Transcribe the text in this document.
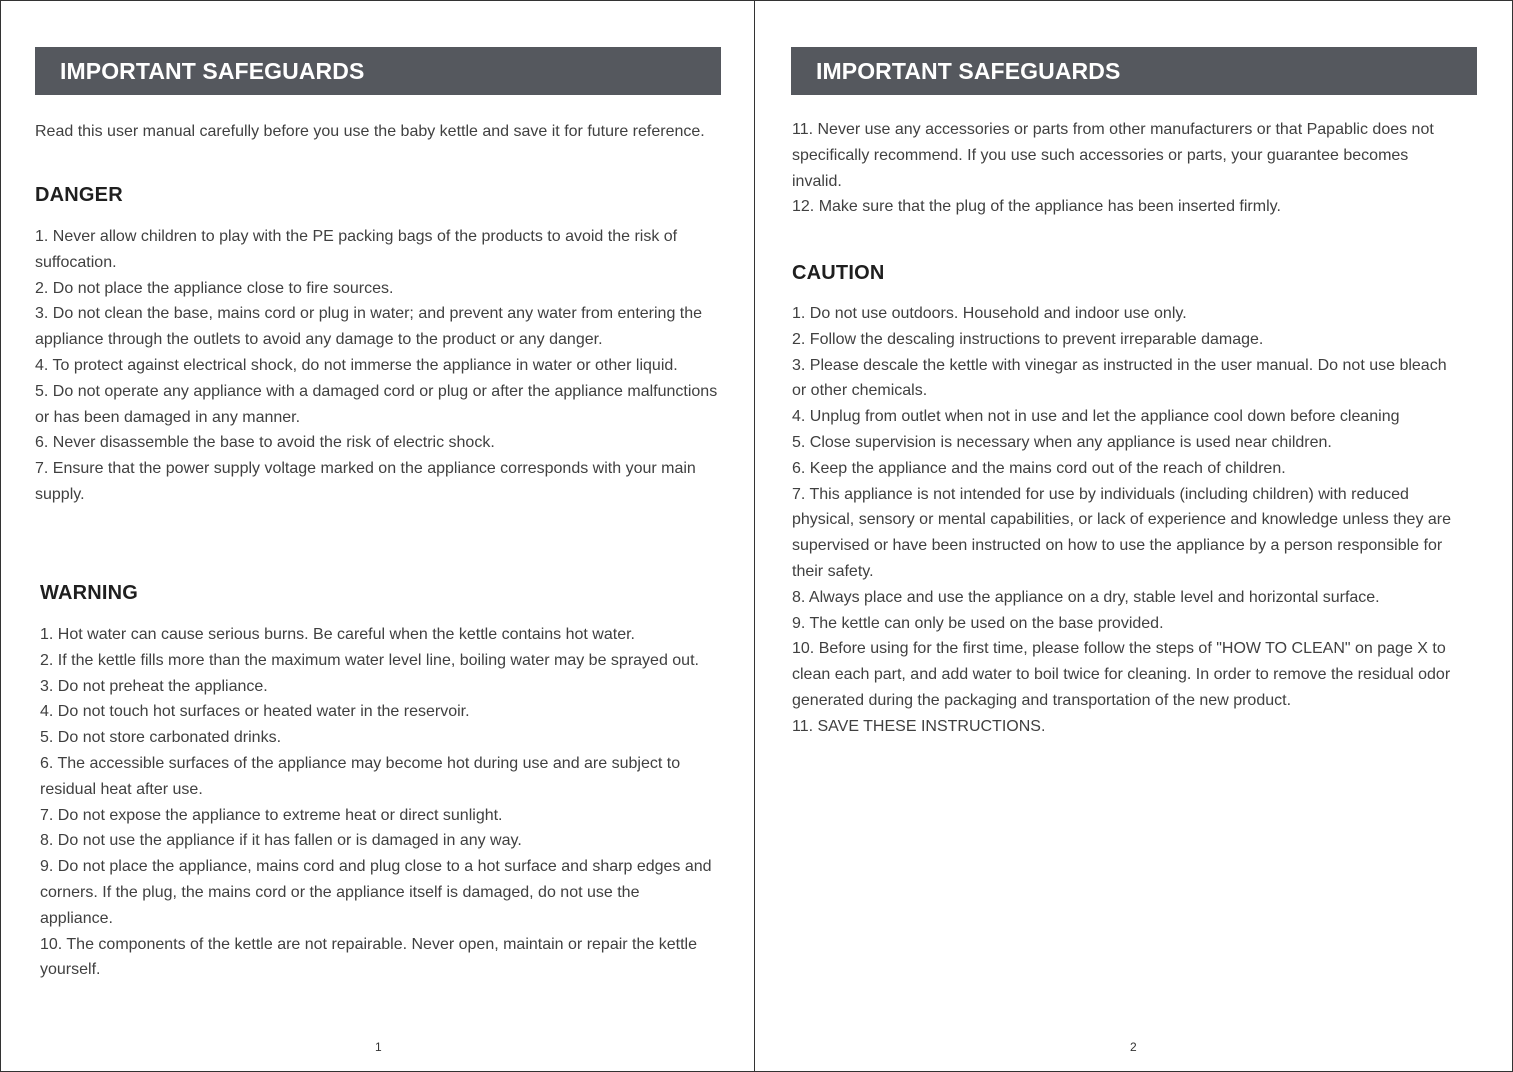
IMPORTANT SAFEGUARDS

Read this user manual carefully before you use the baby kettle and save it for future reference.

DANGER
1. Never allow children to play with the PE packing bags of the products to avoid the risk of suffocation.
2. Do not place the appliance close to fire sources.
3. Do not clean the base, mains cord or plug in water; and prevent any water from entering the appliance through the outlets to avoid any damage to the product or any danger.
4. To protect against electrical shock, do not immerse the appliance in water or other liquid.
5. Do not operate any appliance with a damaged cord or plug or after the appliance malfunctions or has been damaged in any manner.
6. Never disassemble the base to avoid the risk of electric shock.
7. Ensure that the power supply voltage marked on the appliance corresponds with your main supply.
WARNING
1. Hot water can cause serious burns. Be careful when the kettle contains hot water.
2. If the kettle fills more than the maximum water level line, boiling water may be sprayed out.
3. Do not preheat the appliance.
4. Do not touch hot surfaces or heated water in the reservoir.
5. Do not store carbonated drinks.
6. The accessible surfaces of the appliance may become hot during use and are subject to residual heat after use.
7. Do not expose the appliance to extreme heat or direct sunlight.
8. Do not use the appliance if it has fallen or is damaged in any way.
9. Do not place the appliance, mains cord and plug close to a hot surface and sharp edges and corners. If the plug, the mains cord or the appliance itself is damaged, do not use the appliance.
10. The components of the kettle are not repairable. Never open, maintain or repair the kettle yourself.
1
IMPORTANT SAFEGUARDS
11. Never use any accessories or parts from other manufacturers or that Papablic does not specifically recommend. If you use such accessories or parts, your guarantee becomes invalid.
12. Make sure that the plug of the appliance has been inserted firmly.
CAUTION
1. Do not use outdoors. Household and indoor use only.
2. Follow the descaling instructions to prevent irreparable damage.
3. Please descale the kettle with vinegar as instructed in the user manual. Do not use bleach or other chemicals.
4. Unplug from outlet when not in use and let the appliance cool down before cleaning
5. Close supervision is necessary when any appliance is used near children.
6. Keep the appliance and the mains cord out of the reach of children.
7. This appliance is not intended for use by individuals (including children) with reduced physical, sensory or mental capabilities, or lack of experience and knowledge unless they are supervised or have been instructed on how to use the appliance by a person responsible for their safety.
8. Always place and use the appliance on a dry, stable level and horizontal surface.
9. The kettle can only be used on the base provided.
10. Before using for the first time, please follow the steps of "HOW TO CLEAN" on page X to clean each part, and add water to boil twice for cleaning. In order to remove the residual odor generated during the packaging and transportation of the new product.
11. SAVE THESE INSTRUCTIONS.
2
